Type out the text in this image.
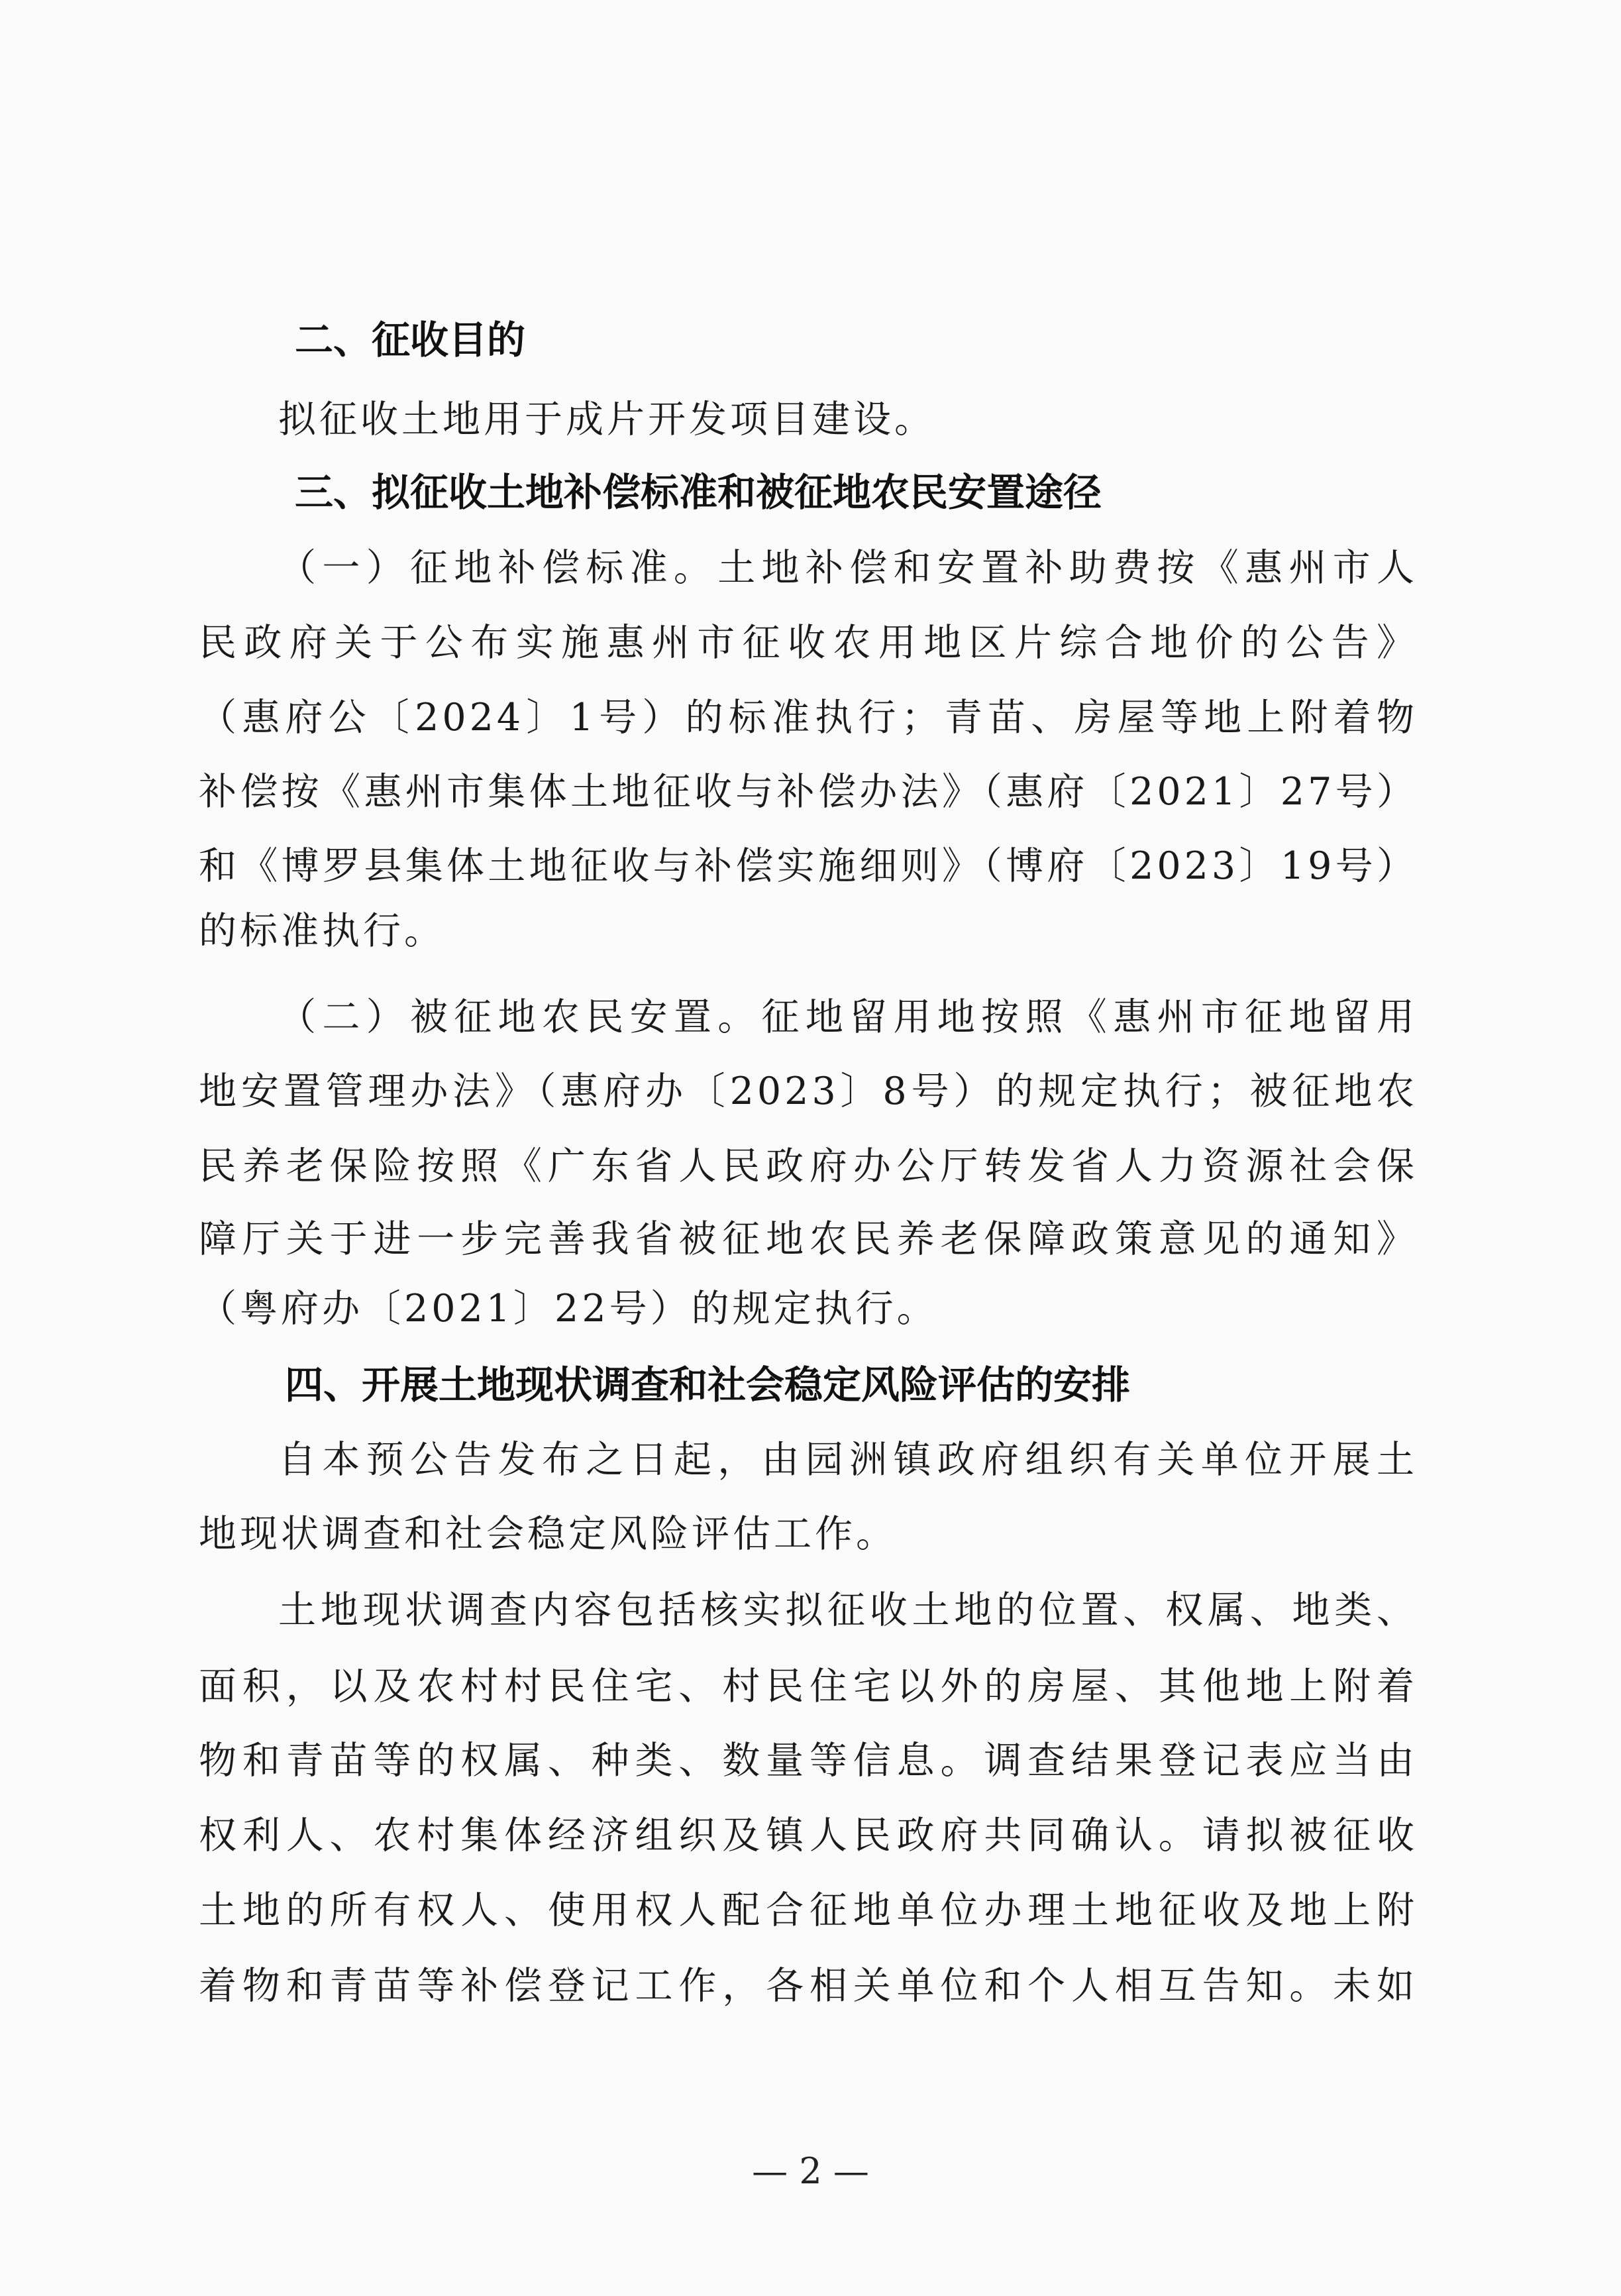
二、征收目的
拟征收土地用于成片开发项目建设。
三、拟征收土地补偿标准和被征地农民安置途径
（一）征地补偿标准。土地补偿和安置补助费按《惠州市人
民政府关于公布实施惠州市征收农用地区片综合地价的公告》
（惠府公〔2024〕1号）的标准执行；青苗、房屋等地上附着物
补偿按《惠州市集体土地征收与补偿办法》（惠府〔2021〕27号）
和《博罗县集体土地征收与补偿实施细则》（博府〔2023〕19号）
的标准执行。
（二）被征地农民安置。征地留用地按照《惠州市征地留用
地安置管理办法》（惠府办〔2023〕8号）的规定执行；被征地农
民养老保险按照《广东省人民政府办公厅转发省人力资源社会保
障厅关于进一步完善我省被征地农民养老保障政策意见的通知》
（粤府办〔2021〕22号）的规定执行。
四、开展土地现状调查和社会稳定风险评估的安排
自本预公告发布之日起，由园洲镇政府组织有关单位开展土
地现状调查和社会稳定风险评估工作。
土地现状调查内容包括核实拟征收土地的位置、权属、地类、
面积，以及农村村民住宅、村民住宅以外的房屋、其他地上附着
物和青苗等的权属、种类、数量等信息。调查结果登记表应当由
权利人、农村集体经济组织及镇人民政府共同确认。请拟被征收
土地的所有权人、使用权人配合征地单位办理土地征收及地上附
着物和青苗等补偿登记工作，各相关单位和个人相互告知。未如
— 2 —
